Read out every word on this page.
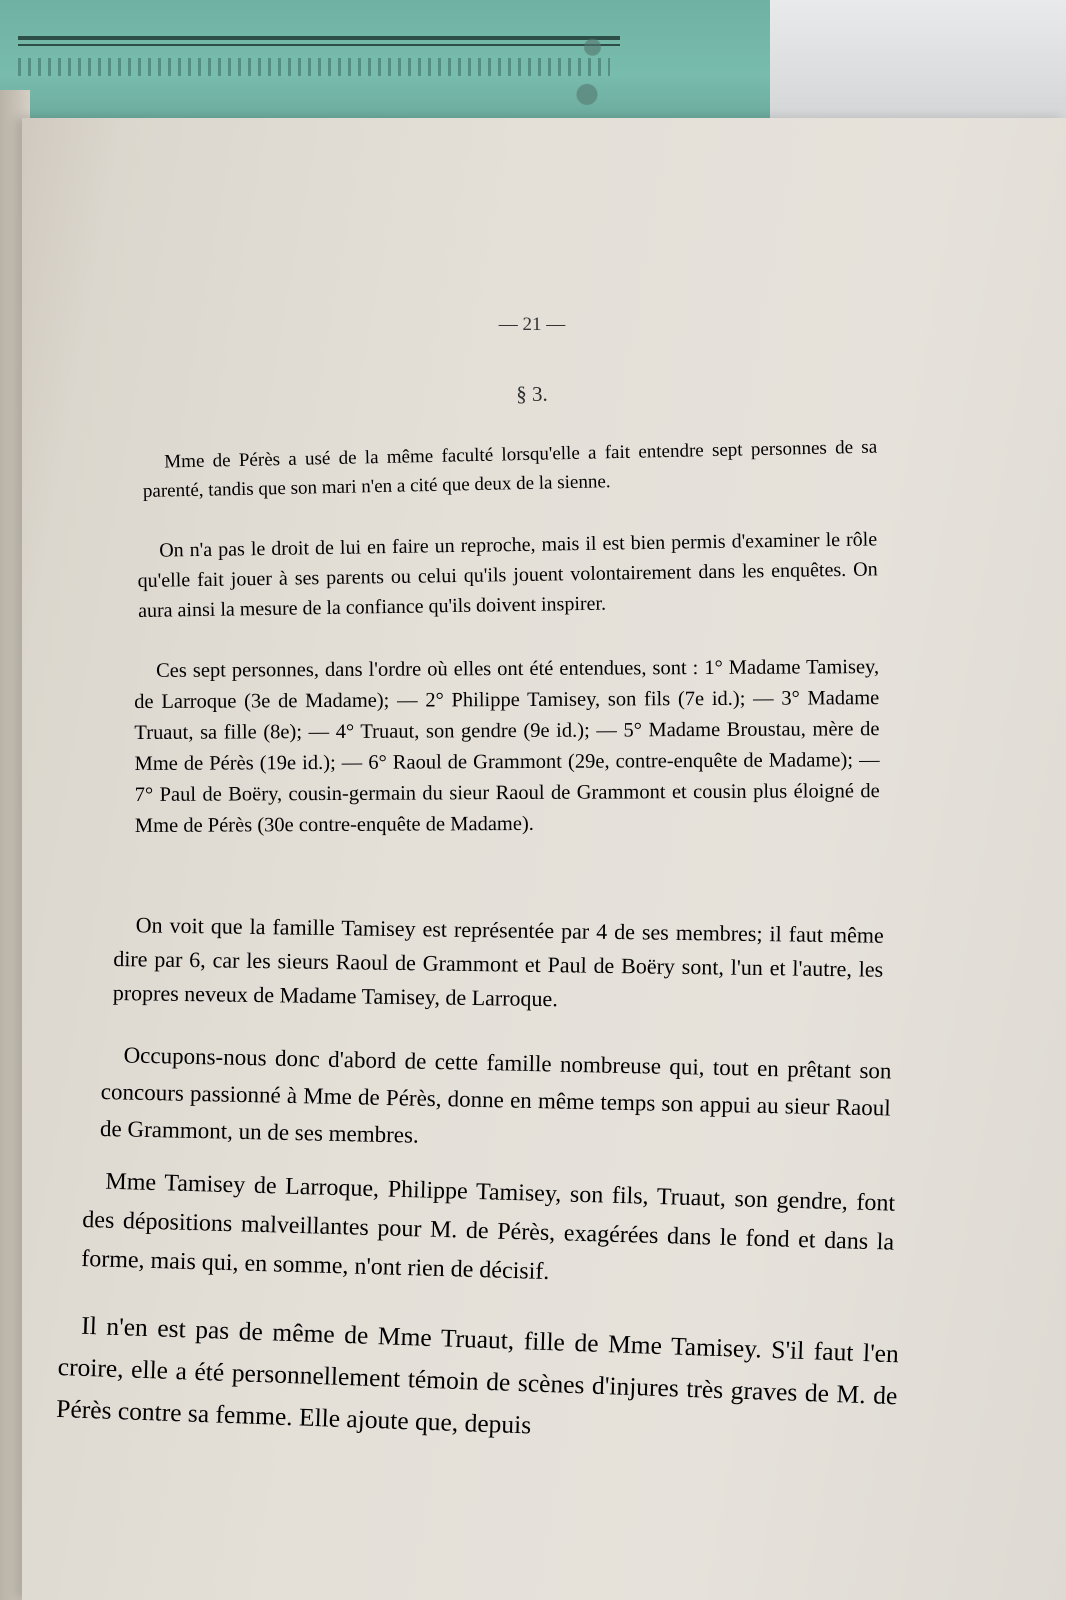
— 21 —
§ 3.

Mme de Pérès a usé de la même faculté lorsqu'elle a fait entendre sept personnes de sa parenté, tandis que son mari n'en a cité que deux de la sienne.

On n'a pas le droit de lui en faire un reproche, mais il est bien permis d'examiner le rôle qu'elle fait jouer à ses parents ou celui qu'ils jouent volontairement dans les enquêtes. On aura ainsi la mesure de la confiance qu'ils doivent inspirer.

Ces sept personnes, dans l'ordre où elles ont été entendues, sont : 1° Madame Tamisey, de Larroque (3e de Madame); — 2° Philippe Tamisey, son fils (7e id.); — 3° Madame Truaut, sa fille (8e); — 4° Truaut, son gendre (9e id.); — 5° Madame Broustau, mère de Mme de Pérès (19e id.); — 6° Raoul de Grammont (29e, contre-enquête de Madame); — 7° Paul de Boëry, cousin-germain du sieur Raoul de Grammont et cousin plus éloigné de Mme de Pérès (30e contre-enquête de Madame).

On voit que la famille Tamisey est représentée par 4 de ses membres; il faut même dire par 6, car les sieurs Raoul de Grammont et Paul de Boëry sont, l'un et l'autre, les propres neveux de Madame Tamisey, de Larroque.

Occupons-nous donc d'abord de cette famille nombreuse qui, tout en prêtant son concours passionné à Mme de Pérès, donne en même temps son appui au sieur Raoul de Grammont, un de ses membres.

Mme Tamisey de Larroque, Philippe Tamisey, son fils, Truaut, son gendre, font des dépositions malveillantes pour M. de Pérès, exagérées dans le fond et dans la forme, mais qui, en somme, n'ont rien de décisif.

Il n'en est pas de même de Mme Truaut, fille de Mme Tamisey. S'il faut l'en croire, elle a été personnellement témoin de scènes d'injures très graves de M. de Pérès contre sa femme. Elle ajoute que, depuis
